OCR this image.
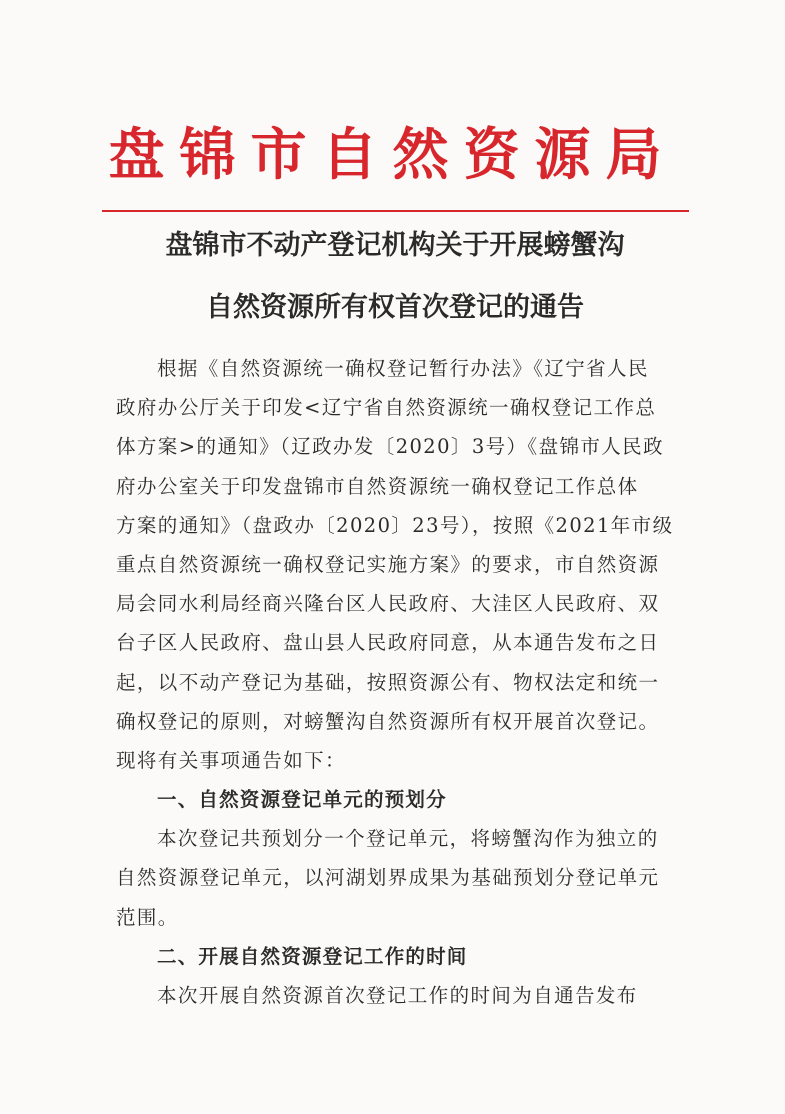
盘锦市自然资源局
盘锦市不动产登记机构关于开展螃蟹沟
自然资源所有权首次登记的通告
根据《自然资源统一确权登记暂行办法》《辽宁省人民
政府办公厅关于印发<辽宁省自然资源统一确权登记工作总
体方案>的通知》（辽政办发〔2020〕3号）《盘锦市人民政
府办公室关于印发盘锦市自然资源统一确权登记工作总体
方案的通知》（盘政办〔2020〕23号），按照《2021年市级
重点自然资源统一确权登记实施方案》的要求，市自然资源
局会同水利局经商兴隆台区人民政府、大洼区人民政府、双
台子区人民政府、盘山县人民政府同意，从本通告发布之日
起，以不动产登记为基础，按照资源公有、物权法定和统一
确权登记的原则，对螃蟹沟自然资源所有权开展首次登记。
现将有关事项通告如下：
一、自然资源登记单元的预划分
本次登记共预划分一个登记单元，将螃蟹沟作为独立的
自然资源登记单元，以河湖划界成果为基础预划分登记单元
范围。
二、开展自然资源登记工作的时间
本次开展自然资源首次登记工作的时间为自通告发布
